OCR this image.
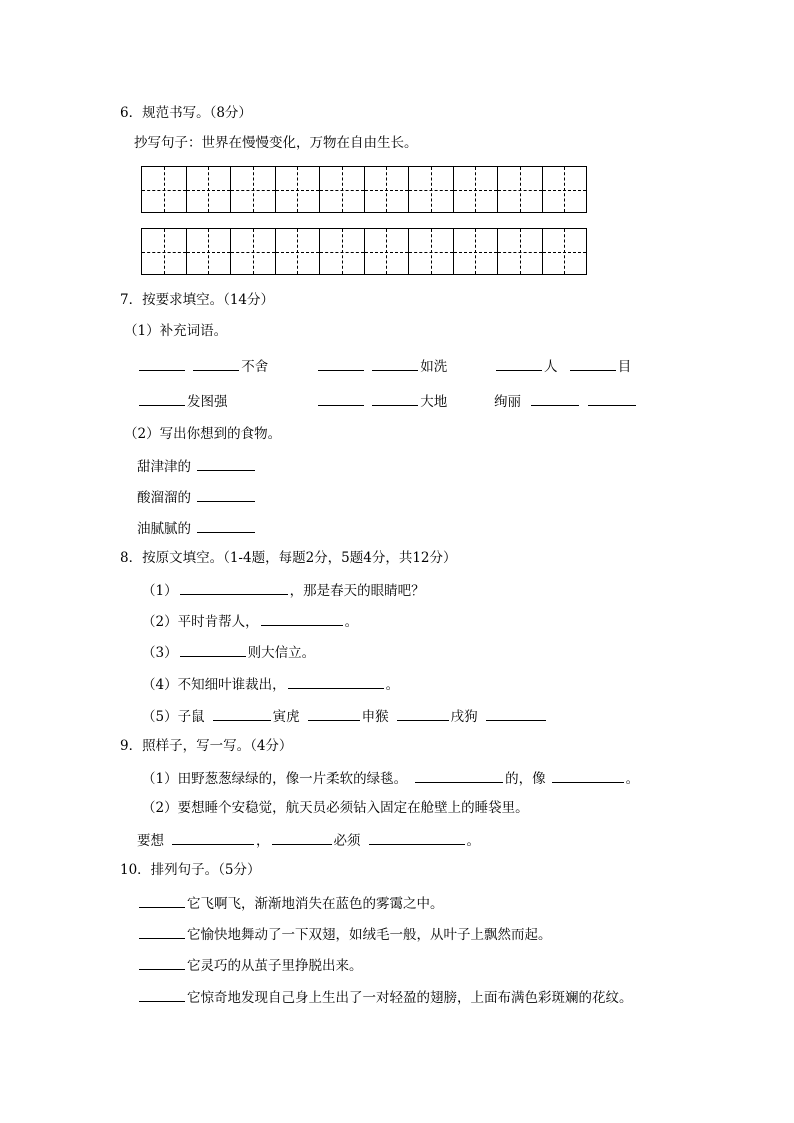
6．规范书写。（8分）
抄写句子：世界在慢慢变化，万物在自由生长。
7．按要求填空。（14分）
（1）补充词语。
不舍	如洗	人	目
发图强	大地	绚丽
（2）写出你想到的食物。
甜津津的
酸溜溜的
油腻腻的
8．按原文填空。（1-4题，每题2分，5题4分，共12分）
（1）	，那是春天的眼睛吧？
（2）平时肯帮人，	。
（3）	则大信立。
（4）不知细叶谁裁出，	。
（5）子鼠	寅虎	申猴	戌狗
9．照样子，写一写。（4分）
（1）田野葱葱绿绿的，像一片柔软的绿毯。	的，像	。
（2）要想睡个安稳觉，航天员必须钻入固定在舱壁上的睡袋里。
要想	，	必须	。
10．排列句子。（5分）
它飞啊飞，渐渐地消失在蓝色的雾霭之中。
它愉快地舞动了一下双翅，如绒毛一般，从叶子上飘然而起。
它灵巧的从茧子里挣脱出来。
它惊奇地发现自己身上生出了一对轻盈的翅膀，上面布满色彩斑斓的花纹。
